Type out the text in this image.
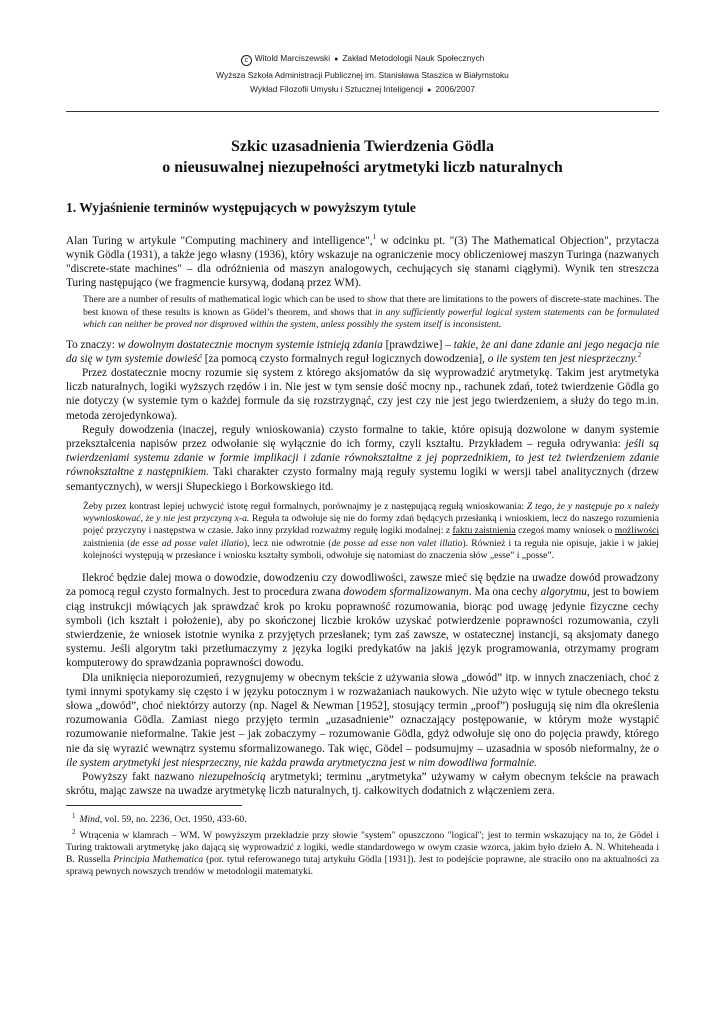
c Witold Marciszewski ● Zakład Metodologii Nauk Społecznych
Wyższa Szkoła Administracji Publicznej im. Stanisława Staszica w Białymstoku
Wykład Filozofii Umysłu i Sztucznej Inteligencji ● 2006/2007
Szkic uzasadnienia Twierdzenia Gödla
o nieusuwalnej niezupełności arytmetyki liczb naturalnych
1. Wyjaśnienie terminów występujących w powyższym tytule

Alan Turing w artykule "Computing machinery and intelligence",$^1$ w odcinku pt. "(3) The Mathematical Objection", przytacza wynik Gödla (1931), a także jego własny (1936), który wskazuje na ograniczenie mocy obliczeniowej maszyn Turinga (nazwanych "discrete-state machines" – dla odróżnienia od maszyn analogowych, cechujących się stanami ciągłymi). Wynik ten streszcza Turing następująco (we fragmencie kursywą, dodaną przez WM).

There are a number of results of mathematical logic which can be used to show that there are limitations to the powers of discrete-state machines. The best known of these results is known as Gödel’s theorem, and shows that in any sufficiently powerful logical system statements can be formulated which can neither be proved nor disproved within the system, unless possibly the system itself is inconsistent.

To znaczy: w dowolnym dostatecznie mocnym systemie istnieją zdania [prawdziwe] – takie, że ani dane zdanie ani jego negacja nie da się w tym systemie dowieść [za pomocą czysto formalnych reguł logicznych dowodzenia], o ile system ten jest niesprzeczny.$^2$

Przez dostatecznie mocny rozumie się system z którego aksjomatów da się wyprowadzić arytmetykę. Takim jest arytmetyka liczb naturalnych, logiki wyższych rzędów i in. Nie jest w tym sensie dość mocny np., rachunek zdań, toteż twierdzenie Gödla go nie dotyczy (w systemie tym o każdej formule da się rozstrzygnąć, czy jest czy nie jest jego twierdzeniem, a służy do tego m.in. metoda zerojedynkowa).

Reguły dowodzenia (inaczej, reguły wnioskowania) czysto formalne to takie, które opisują dozwolone w danym systemie przekształcenia napisów przez odwołanie się wyłącznie do ich formy, czyli kształtu. Przykładem – reguła odrywania: jeśli są twierdzeniami systemu zdanie w formie implikacji i zdanie równokształtne z jej poprzednikiem, to jest też twierdzeniem zdanie równokształtne z następnikiem. Taki charakter czysto formalny mają reguły systemu logiki w wersji tabel analitycznych (drzew semantycznych), w wersji Słupeckiego i Borkowskiego itd.

Żeby przez kontrast lepiej uchwycić istotę reguł formalnych, porównajmy je z następującą regułą wnioskowania: Z tego, że y następuje po x należy wywnioskować, że y nie jest przyczyną x-a. Reguła ta odwołuje się nie do formy zdań będących przesłanką i wnioskiem, lecz do naszego rozumienia pojęć przyczyny i następstwa w czasie. Jako inny przykład rozważmy regułę logiki modalnej: z faktu zaistnienia czegoś mamy wniosek o możliwości zaistnienia (de esse ad posse valet illatio), lecz nie odwrotnie (de posse ad esse non valet illatio). Również i ta reguła nie opisuje, jakie i w jakiej kolejności występują w przesłance i wniosku kształty symboli, odwołuje się natomiast do znaczenia słów „esse” i „posse”.

Ilekroć będzie dalej mowa o dowodzie, dowodzeniu czy dowodliwości, zawsze mieć się będzie na uwadze dowód prowadzony za pomocą reguł czysto formalnych. Jest to procedura zwana dowodem sformalizowanym. Ma ona cechy algorytmu, jest to bowiem ciąg instrukcji mówiących jak sprawdzać krok po kroku poprawność rozumowania, biorąc pod uwagę jedynie fizyczne cechy symboli (ich kształt i położenie), aby po skończonej liczbie kroków uzyskać potwierdzenie poprawności rozumowania, czyli stwierdzenie, że wniosek istotnie wynika z przyjętych przesłanek; tym zaś zawsze, w ostatecznej instancji, są aksjomaty danego systemu. Jeśli algorytm taki przetłumaczymy z języka logiki predykatów na jakiś język programowania, otrzymamy program komputerowy do sprawdzania poprawności dowodu.

Dla uniknięcia nieporozumień, rezygnujemy w obecnym tekście z używania słowa „dowód” itp. w innych znaczeniach, choć z tymi innymi spotykamy się często i w języku potocznym i w rozważaniach naukowych. Nie użyto więc w tytule obecnego tekstu słowa „dowód”, choć niektórzy autorzy (np. Nagel & Newman [1952], stosujący termin „proof”) posługują się nim dla określenia rozumowania Gödla. Zamiast niego przyjęto termin „uzasadnienie” oznaczający postępowanie, w którym może wystąpić rozumowanie nieformalne. Takie jest – jak zobaczymy – rozumowanie Gödla, gdyż odwołuje się ono do pojęcia prawdy, którego nie da się wyrazić wewnątrz systemu sformalizowanego. Tak więc, Gödel – podsumujmy – uzasadnia w sposób nieformalny, że o ile system arytmetyki jest niesprzeczny, nie każda prawda arytmetyczna jest w nim dowodliwa formalnie.

Powyższy fakt nazwano niezupełnością arytmetyki; terminu „arytmetyka” używamy w całym obecnym tekście na prawach skrótu, mając zawsze na uwadze arytmetykę liczb naturalnych, tj. całkowitych dodatnich z włączeniem zera.

$^1$ Mind, vol. 59, no. 2236, Oct. 1950, 433-60.
$^2$ Wtrącenia w klamrach – WM. W powyższym przekładzie przy słowie "system" opuszczono "logical"; jest to termin wskazujący na to, że Gödel i Turing traktowali arytmetykę jako dającą się wyprowadzić z logiki, wedle standardowego w owym czasie wzorca, jakim było dzieło A. N. Whiteheada i B. Russella Principia Mathematica (por. tytuł referowanego tutaj artykułu Gödla [1931]). Jest to podejście poprawne, ale straciło ono na aktualności za sprawą pewnych nowszych trendów w metodologii matematyki.
